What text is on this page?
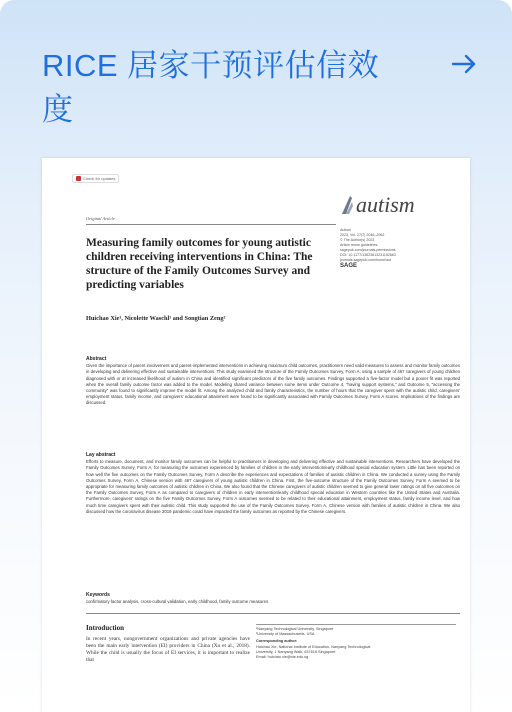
RICE 居家干预评估信效度
Check for updates
Original Article
autism
Autism
2023, Vol. 27(7) 2046–2062
© The Author(s) 2023
Article reuse guidelines:
sagepub.com/journals-permissions
DOI: 10.1177/13623613231152663
journals.sagepub.com/home/aut
SAGE
Measuring family outcomes for young autistic children receiving interventions in China: The structure of the Family Outcomes Survey and predicting variables
Huichao Xie¹, Nicolette Waschl¹ and Songtian Zeng²
Abstract

Given the importance of parent involvement and parent-implemented interventions in achieving maximum child outcomes, practitioners need valid measures to assess and monitor family outcomes in developing and delivering effective and sustainable interventions. This study examined the structure of the Family Outcomes Survey, Form A, using a sample of 467 caregivers of young children diagnosed with or at increased likelihood of autism in China and identified significant predictors of the five family outcomes. Findings supported a five-factor model but a poorer fit was reported when the overall family outcome factor was added to the model. Modeling shared variance between some items under Outcome 4, "having support systems," and Outcome 5, "accessing the community" was found to significantly improve the model fit. Among the analyzed child and family characteristics, the number of hours that the caregiver spent with the autistic child, caregivers' employment status, family income, and caregivers' educational attainment were found to be significantly associated with Family Outcomes Survey, Form A scores. Implications of the findings are discussed.

Lay abstract

Efforts to measure, document, and monitor family outcomes can be helpful to practitioners in developing and delivering effective and sustainable interventions. Researchers have developed the Family Outcomes Survey, Form A, for measuring the outcomes experienced by families of children in the early intervention/early childhood special education system. Little has been reported on how well the five outcomes on the Family Outcomes Survey, Form A describe the experiences and expectations of families of autistic children in China. We conducted a survey using the Family Outcomes Survey, Form A, Chinese version with 467 caregivers of young autistic children in China. First, the five-outcome structure of the Family Outcomes Survey, Form A seemed to be appropriate for measuring family outcomes of autistic children in China. We also found that the Chinese caregivers of autistic children seemed to give general lower ratings on all five outcomes on the Family Outcomes Survey, Form A as compared to caregivers of children in early intervention/early childhood special education in Western countries like the United States and Australia. Furthermore, caregivers' ratings on the five Family Outcomes Survey, Form A outcomes seemed to be related to their educational attainment, employment status, family income level, and how much time caregivers spent with their autistic child. This study supported the use of the Family Outcomes Survey, Form A, Chinese version with families of autistic children in China. We also discussed how the coronavirus disease 2019 pandemic could have impacted the family outcomes as reported by the Chinese caregivers.

Keywords

confirmatory factor analysis, cross-cultural validation, early childhood, family outcome measures

Introduction

In recent years, nongovernment organizations and private agencies have been the main early intervention (EI) providers in China (Xu et al., 2018). While the child is usually the focus of EI services, it is important to realize that

¹Nanyang Technological University, Singapore
²University of Massachusetts, USA
Corresponding author:
Huichao Xie, National Institute of Education, Nanyang Technological
University, 1 Nanyang Walk, 637616 Singapore.
Email: huichao.xie@nie.edu.sg
